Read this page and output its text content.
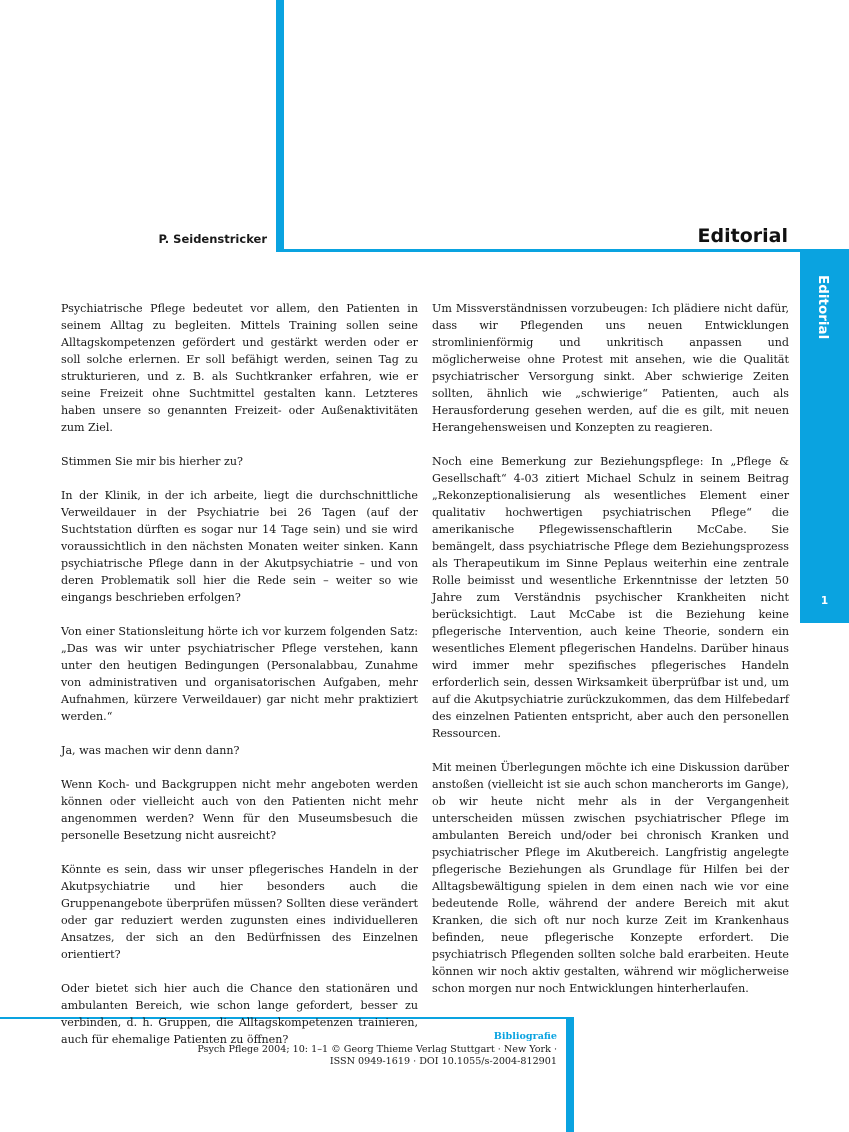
P. Seidenstricker	Editorial
Editorial
1

Psychiatrische Pflege bedeutet vor allem, den Patienten in seinem Alltag zu begleiten. Mittels Training sollen seine Alltagskompetenzen gefördert und gestärkt werden oder er soll solche erlernen. Er soll befähigt werden, seinen Tag zu strukturieren, und z. B. als Suchtkranker erfahren, wie er seine Freizeit ohne Suchtmittel gestalten kann. Letzteres haben unsere so genannten Freizeit- oder Außenaktivitäten zum Ziel.

Stimmen Sie mir bis hierher zu?

In der Klinik, in der ich arbeite, liegt die durchschnittliche Verweildauer in der Psychiatrie bei 26 Tagen (auf der Suchtstation dürften es sogar nur 14 Tage sein) und sie wird voraussichtlich in den nächsten Monaten weiter sinken. Kann psychiatrische Pflege dann in der Akutpsychiatrie – und von deren Problematik soll hier die Rede sein – weiter so wie eingangs beschrieben erfolgen?

Von einer Stationsleitung hörte ich vor kurzem folgenden Satz: „Das was wir unter psychiatrischer Pflege verstehen, kann unter den heutigen Bedingungen (Personalabbau, Zunahme von administrativen und organisatorischen Aufgaben, mehr Aufnahmen, kürzere Verweildauer) gar nicht mehr praktiziert werden.“

Ja, was machen wir denn dann?

Wenn Koch- und Backgruppen nicht mehr angeboten werden können oder vielleicht auch von den Patienten nicht mehr angenommen werden? Wenn für den Museumsbesuch die personelle Besetzung nicht ausreicht?

Könnte es sein, dass wir unser pflegerisches Handeln in der Akutpsychiatrie und hier besonders auch die Gruppenangebote überprüfen müssen? Sollten diese verändert oder gar reduziert werden zugunsten eines individuelleren Ansatzes, der sich an den Bedürfnissen des Einzelnen orientiert?

Oder bietet sich hier auch die Chance den stationären und ambulanten Bereich, wie schon lange gefordert, besser zu verbinden, d. h. Gruppen, die Alltagskompetenzen trainieren, auch für ehemalige Patienten zu öffnen?

Um Missverständnissen vorzubeugen: Ich plädiere nicht dafür, dass wir Pflegenden uns neuen Entwicklungen stromlinienförmig und unkritisch anpassen und möglicherweise ohne Protest mit ansehen, wie die Qualität psychiatrischer Versorgung sinkt. Aber schwierige Zeiten sollten, ähnlich wie „schwierige“ Patienten, auch als Herausforderung gesehen werden, auf die es gilt, mit neuen Herangehensweisen und Konzepten zu reagieren.

Noch eine Bemerkung zur Beziehungspflege: In „Pflege & Gesellschaft“ 4-03 zitiert Michael Schulz in seinem Beitrag „Rekonzeptionalisierung als wesentliches Element einer qualitativ hochwertigen psychiatrischen Pflege“ die amerikanische Pflegewissenschaftlerin McCabe. Sie bemängelt, dass psychiatrische Pflege dem Beziehungsprozess als Therapeutikum im Sinne Peplaus weiterhin eine zentrale Rolle beimisst und wesentliche Erkenntnisse der letzten 50 Jahre zum Verständnis psychischer Krankheiten nicht berücksichtigt. Laut McCabe ist die Beziehung keine pflegerische Intervention, auch keine Theorie, sondern ein wesentliches Element pflegerischen Handelns. Darüber hinaus wird immer mehr spezifisches pflegerisches Handeln erforderlich sein, dessen Wirksamkeit überprüfbar ist und, um auf die Akutpsychiatrie zurückzukommen, das dem Hilfebedarf des einzelnen Patienten entspricht, aber auch den personellen Ressourcen.

Mit meinen Überlegungen möchte ich eine Diskussion darüber anstoßen (vielleicht ist sie auch schon mancherorts im Gange), ob wir heute nicht mehr als in der Vergangenheit unterscheiden müssen zwischen psychiatrischer Pflege im ambulanten Bereich und/oder bei chronisch Kranken und psychiatrischer Pflege im Akutbereich. Langfristig angelegte pflegerische Beziehungen als Grundlage für Hilfen bei der Alltagsbewältigung spielen in dem einen nach wie vor eine bedeutende Rolle, während der andere Bereich mit akut Kranken, die sich oft nur noch kurze Zeit im Krankenhaus befinden, neue pflegerische Konzepte erfordert. Die psychiatrisch Pflegenden sollten solche bald erarbeiten. Heute können wir noch aktiv gestalten, während wir möglicherweise schon morgen nur noch Entwicklungen hinterherlaufen.

Bibliografie
Psych Pflege 2004; 10: 1–1 © Georg Thieme Verlag Stuttgart · New York ·
ISSN 0949-1619 · DOI 10.1055/s-2004-812901
